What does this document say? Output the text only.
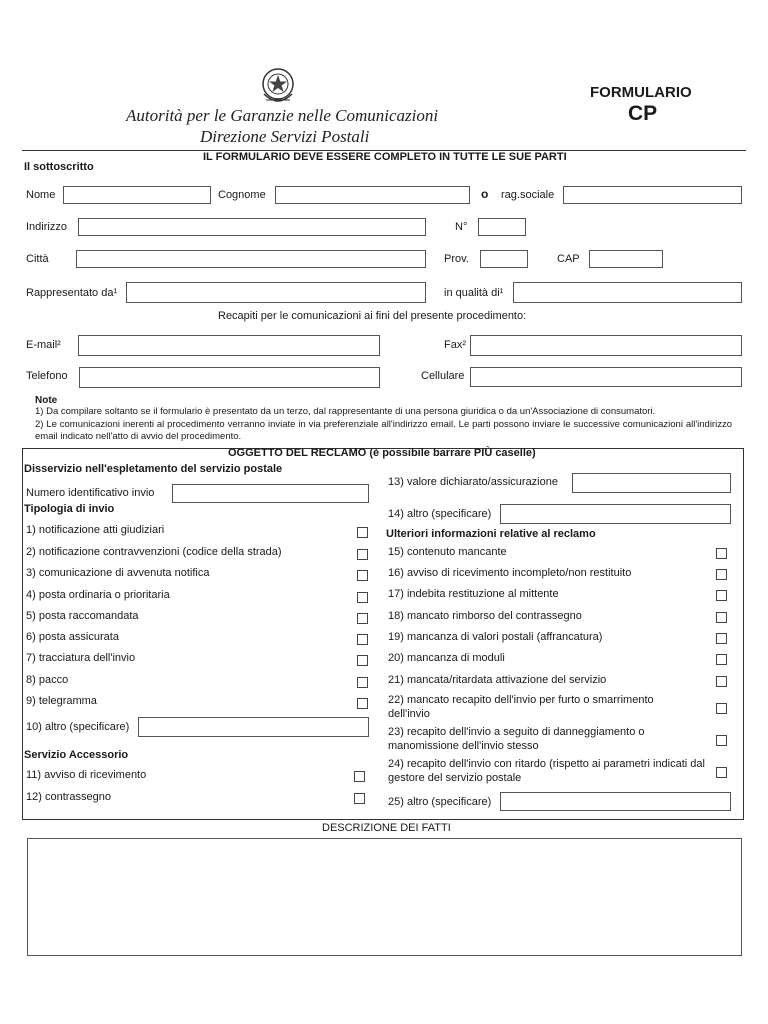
Autorità per le Garanzie nelle Comunicazioni
Direzione Servizi Postali
FORMULARIO
CP
IL FORMULARIO DEVE ESSERE COMPLETO IN TUTTE LE SUE PARTI
Il sottoscritto
Nome	Cognome	o rag.sociale
Indirizzo	N°
Città	Prov.	CAP
Rappresentato da¹	in qualità di¹
Recapiti per le comunicazioni ai fini del presente procedimento:
E-mail²	Fax²
Telefono	Cellulare
Note
1) Da compilare soltanto se il formulario è presentato da un terzo, dal rappresentante di una persona giuridica o da un'Associazione di consumatori.
2) Le comunicazioni inerenti al procedimento verranno inviate in via preferenziale all'indirizzo email. Le parti possono inviare le successive comunicazioni all'indirizzo email indicato nell'atto di avvio del procedimento.
OGGETTO DEL RECLAMO (è possibile barrare PIÙ caselle)
Disservizio nell'espletamento del servizio postale
Numero identificativo invio
Tipologia di invio
1) notificazione atti giudiziari
2) notificazione contravvenzioni (codice della strada)
3) comunicazione di avvenuta notifica
4) posta ordinaria o prioritaria
5) posta raccomandata
6) posta assicurata
7) tracciatura dell'invio
8) pacco
9) telegramma
10) altro (specificare)
Servizio Accessorio
11) avviso di ricevimento
12) contrassegno
13) valore dichiarato/assicurazione
14) altro (specificare)
Ulteriori informazioni relative al reclamo
15) contenuto mancante
16) avviso di ricevimento incompleto/non restituito
17) indebita restituzione al mittente
18) mancato rimborso del contrassegno
19) mancanza di valori postali (affrancatura)
20) mancanza di moduli
21) mancata/ritardata attivazione del servizio
22) mancato recapito dell'invio per furto o smarrimento dell'invio
23) recapito dell'invio a seguito di danneggiamento o manomissione dell'invio stesso
24) recapito dell'invio con ritardo (rispetto ai parametri indicati dal gestore del servizio postale
25) altro (specificare)
DESCRIZIONE DEI FATTI
